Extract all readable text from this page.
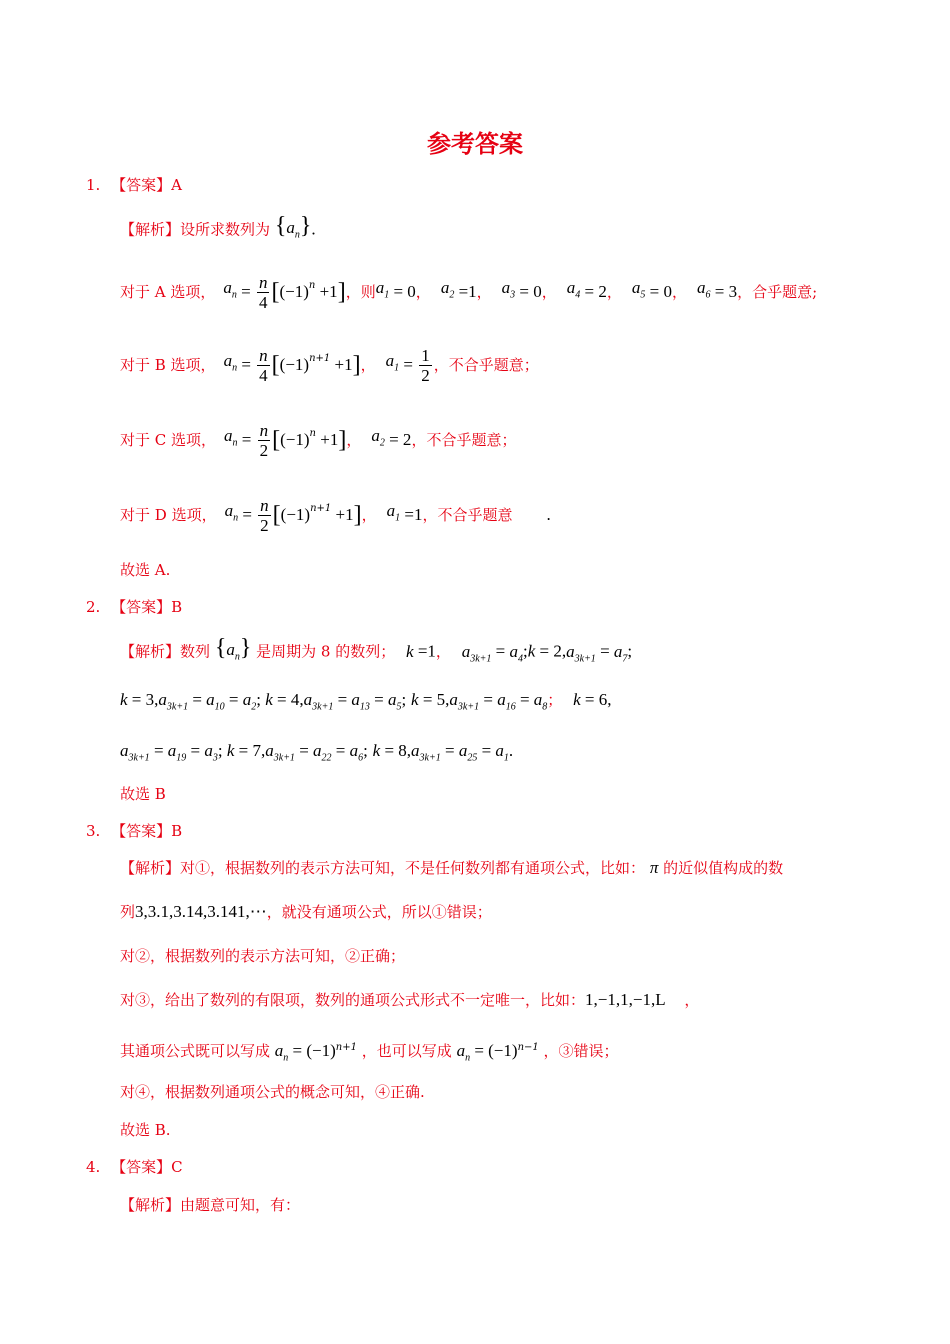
参考答案
1. 【答案】A
【解析】设所求数列为 $\{a_n\}$.
对于 A 选项， $a_n = \frac{n}{4}$ [ $(-1)^n +1$ ] ，则 $a_1 = 0$ ， $a_2 =1$ ， $a_3 = 0$ ， $a_4 = 2$ ， $a_5 = 0$ ， $a_6 = 3$ ，合乎题意;
对于 B 选项， $a_n = \frac{n}{4}$ [ $(-1)^{n+1} +1$ ] ， $a_1 = \frac{1}{2}$ ，不合乎题意；
对于 C 选项， $a_n = \frac{n}{2}$ [ $(-1)^n +1$ ] ， $a_2 = 2$ ，不合乎题意；
对于 D 选项， $a_n = \frac{n}{2}$ [ $(-1)^{n+1} +1$ ] ， $a_1 =1$ ，不合乎题意 .
故选 A.
2. 【答案】B
【解析】数列 $\{a_n\}$ 是周期为 8 的数列； k =1， $a_{3k+1}$ = $a_4;k = 2,a_{3k+1} = a_7$;
$k = 3,a_{3k+1} = a_{10} = a_2$; $k = 4,a_{3k+1} = a_{13} = a_5$; $k = 5,a_{3k+1} = a_{16} = a_8$； k = 6,
$a_{3k+1} = a_{19} = a_3$; $k = 7,a_{3k+1} = a_{22} = a_6$; $k = 8,a_{3k+1} = a_{25} = a_1$.
故选 B
3. 【答案】B
【解析】对①，根据数列的表示方法可知，不是任何数列都有通项公式，比如： π 的近似值构成的数
列3,3.1,3.14,3.141,⋯，就没有通项公式，所以①错误；
对②，根据数列的表示方法可知，②正确；
对③，给出了数列的有限项，数列的通项公式形式不一定唯一，比如：1,−1,1,−1,L ，
其通项公式既可以写成 $a_n = (-1)^{n+1}$ ，也可以写成 $a_n = (-1)^{n-1}$ ，③错误；
对④，根据数列通项公式的概念可知，④正确.
故选 B.
4. 【答案】C
【解析】由题意可知，有：
